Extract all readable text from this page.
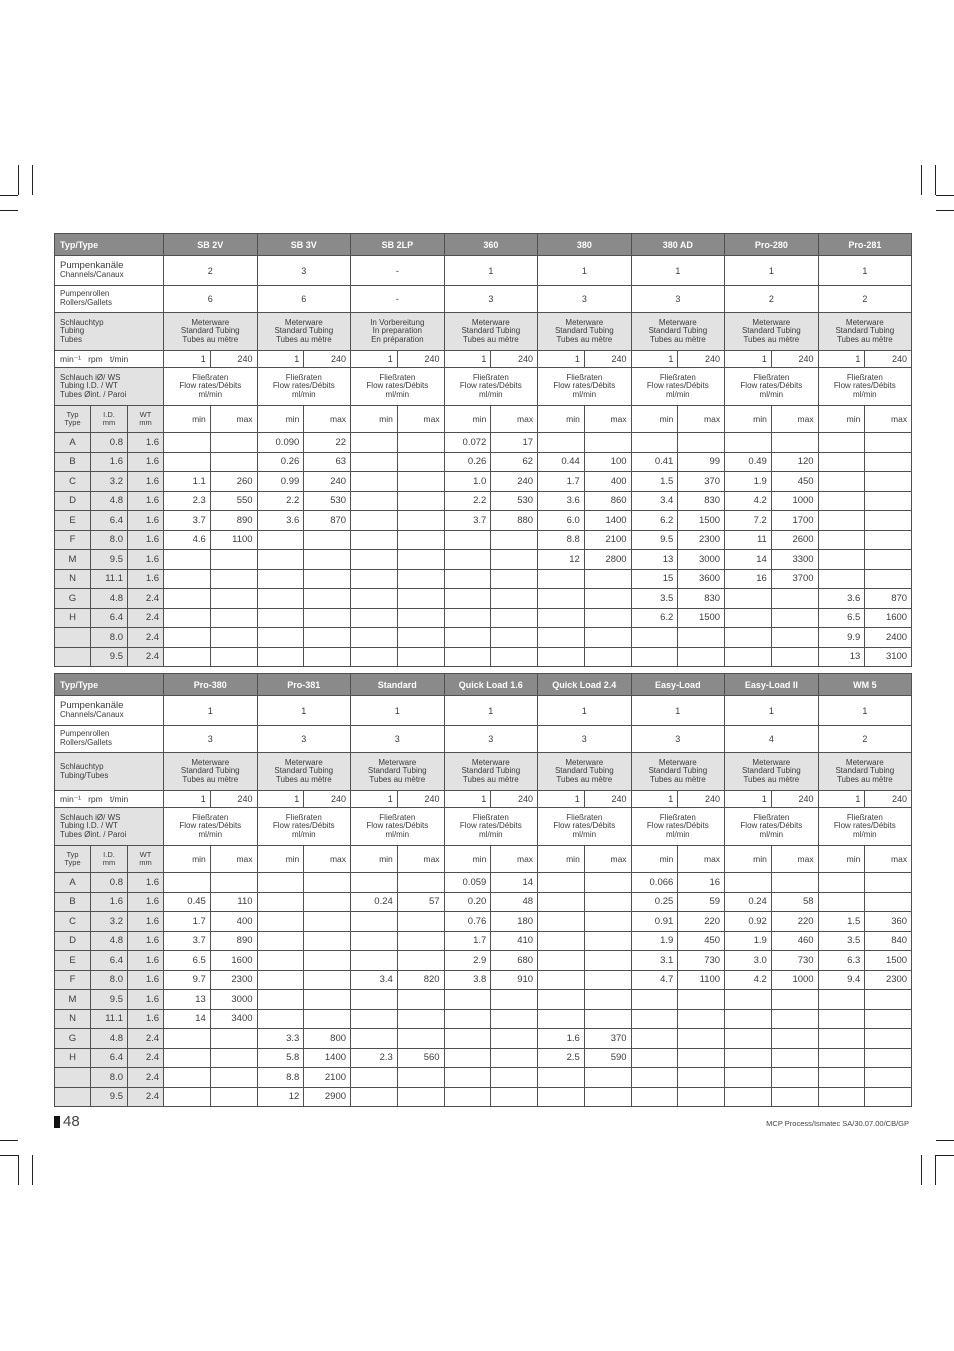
Typ/Type			SB 2V		SB 3V		SB 2LP		360		380		380 AD		Pro-280		Pro-281	

Pumpenkanäle
Channels/Canaux			2		3		-		1		1		1		1		1	

Pumpenrollen
Rollers/Gallets			6		6		-		3		3		3		2		2	

Schlauchtyp
Tubing
Tubes			Meterware
Standard Tubing
Tubes au mètre		Meterware
Standard Tubing
Tubes au mètre		In Vorbereitung
In preparation
En préparation		Meterware
Standard Tubing
Tubes au mètre		Meterware
Standard Tubing
Tubes au mètre		Meterware
Standard Tubing
Tubes au mètre		Meterware
Standard Tubing
Tubes au mètre		Meterware
Standard Tubing
Tubes au mètre	

min⁻¹   rpm   t/min			1	240	1	240	1	240	1	240	1	240	1	240	1	240	1	240

Schlauch iØ/ WS
Tubing I.D. / WT
Tubes Øint. / Paroi			Fließraten
Flow rates/Débits
ml/min		Fließraten
Flow rates/Débits
ml/min		Fließraten
Flow rates/Débits
ml/min		Fließraten
Flow rates/Débits
ml/min		Fließraten
Flow rates/Débits
ml/min		Fließraten
Flow rates/Débits
ml/min		Fließraten
Flow rates/Débits
ml/min		Fließraten
Flow rates/Débits
ml/min	

Typ
Type	I.D.
mm	WT
mm	min	max	min	max	min	max	min	max	min	max	min	max	min	max	min	max
A	0.8	1.6			0.090	22			0.072	17								
B	1.6	1.6			0.26	63			0.26	62	0.44	100	0.41	99	0.49	120		
C	3.2	1.6	1.1	260	0.99	240			1.0	240	1.7	400	1.5	370	1.9	450		
D	4.8	1.6	2.3	550	2.2	530			2.2	530	3.6	860	3.4	830	4.2	1000		
E	6.4	1.6	3.7	890	3.6	870			3.7	880	6.0	1400	6.2	1500	7.2	1700		
F	8.0	1.6	4.6	1100							8.8	2100	9.5	2300	11	2600		
M	9.5	1.6									12	2800	13	3000	14	3300		
N	11.1	1.6											15	3600	16	3700		
G	4.8	2.4											3.5	830			3.6	870
H	6.4	2.4											6.2	1500			6.5	1600
	8.0	2.4															9.9	2400
	9.5	2.4															13	3100
Typ/Type			Pro-380		Pro-381		Standard		Quick Load 1.6		Quick Load 2.4		Easy-Load		Easy-Load II		WM 5	

Pumpenkanäle
Channels/Canaux			1		1		1		1		1		1		1		1	

Pumpenrollen
Rollers/Gallets			3		3		3		3		3		3		4		2	

Schlauchtyp
Tubing/Tubes			Meterware
Standard Tubing
Tubes au mètre		Meterware
Standard Tubing
Tubes au mètre		Meterware
Standard Tubing
Tubes au mètre		Meterware
Standard Tubing
Tubes au mètre		Meterware
Standard Tubing
Tubes au mètre		Meterware
Standard Tubing
Tubes au mètre		Meterware
Standard Tubing
Tubes au mètre		Meterware
Standard Tubing
Tubes au mètre	

min⁻¹   rpm   t/min			1	240	1	240	1	240	1	240	1	240	1	240	1	240	1	240

Schlauch iØ/ WS
Tubing I.D. / WT
Tubes Øint. / Paroi			Fließraten
Flow rates/Débits
ml/min		Fließraten
Flow rates/Débits
ml/min		Fließraten
Flow rates/Débits
ml/min		Fließraten
Flow rates/Débits
ml/min		Fließraten
Flow rates/Débits
ml/min		Fließraten
Flow rates/Débits
ml/min		Fließraten
Flow rates/Débits
ml/min		Fließraten
Flow rates/Débits
ml/min	

Typ
Type	I.D.
mm	WT
mm	min	max	min	max	min	max	min	max	min	max	min	max	min	max	min	max
A	0.8	1.6							0.059	14			0.066	16				
B	1.6	1.6	0.45	110			0.24	57	0.20	48			0.25	59	0.24	58		
C	3.2	1.6	1.7	400					0.76	180			0.91	220	0.92	220	1.5	360
D	4.8	1.6	3.7	890					1.7	410			1.9	450	1.9	460	3.5	840
E	6.4	1.6	6.5	1600					2.9	680			3.1	730	3.0	730	6.3	1500
F	8.0	1.6	9.7	2300			3.4	820	3.8	910			4.7	1100	4.2	1000	9.4	2300
M	9.5	1.6	13	3000														
N	11.1	1.6	14	3400														
G	4.8	2.4			3.3	800					1.6	370						
H	6.4	2.4			5.8	1400	2.3	560			2.5	590						
	8.0	2.4			8.8	2100												
	9.5	2.4			12	2900												
48	MCP Process/Ismatec SA/30.07.00/CB/GP
